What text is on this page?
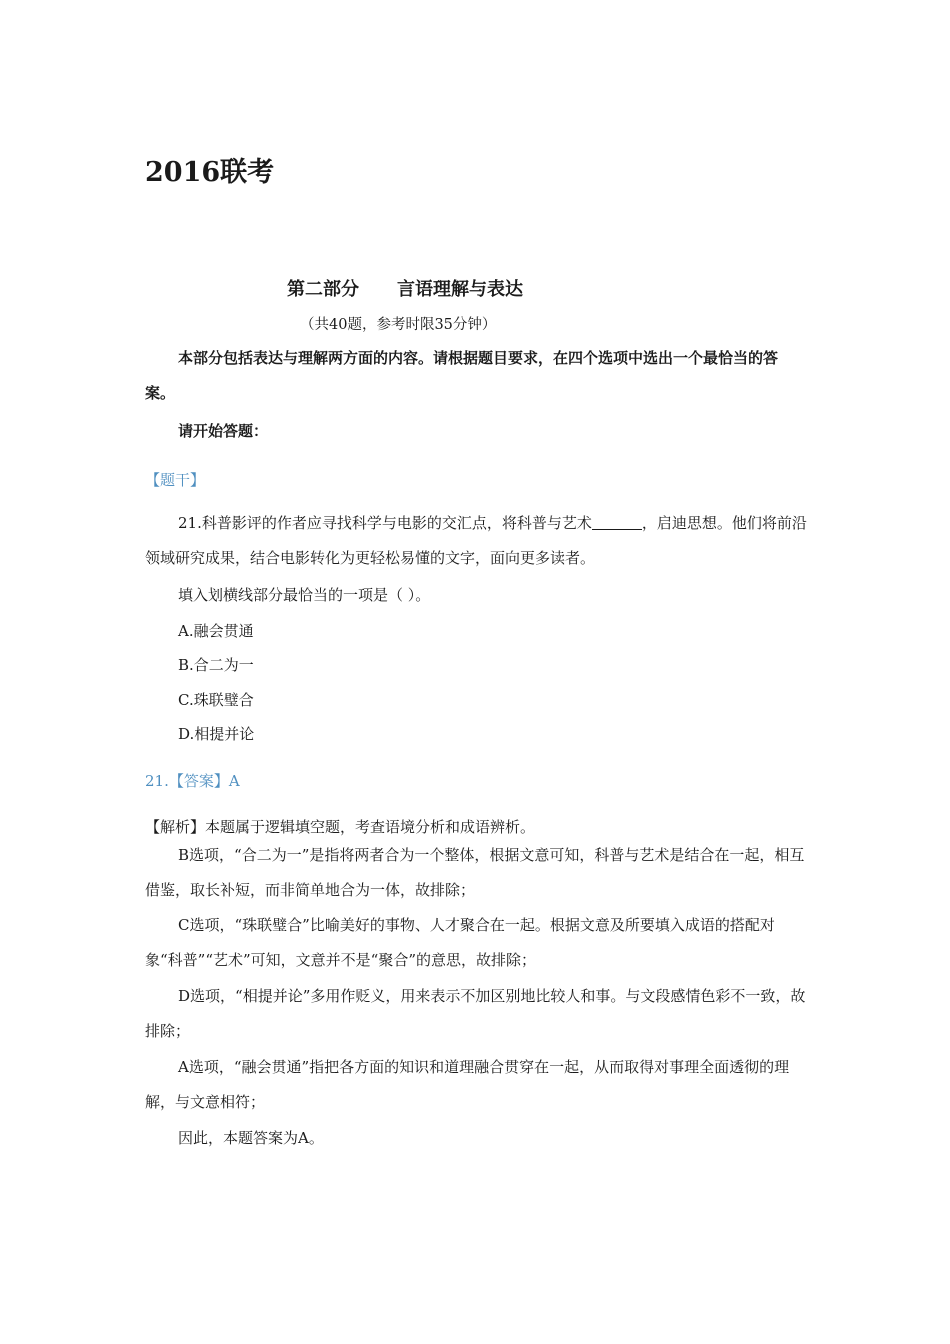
2016联考
第二部分 言语理解与表达
（共40题，参考时限35分钟）
本部分包括表达与理解两方面的内容。请根据题目要求，在四个选项中选出一个最恰当的答案。
请开始答题：
【题干】
21.科普影评的作者应寻找科学与电影的交汇点，将科普与艺术	，启迪思想。他们将前沿领域研究成果，结合电影转化为更轻松易懂的文字，面向更多读者。
填入划横线部分最恰当的一项是（ ）。
A.融会贯通
B.合二为一
C.珠联璧合
D.相提并论
21.【答案】A
【解析】本题属于逻辑填空题，考查语境分析和成语辨析。
B选项，“合二为一”是指将两者合为一个整体，根据文意可知，科普与艺术是结合在一起，相互借鉴，取长补短，而非简单地合为一体，故排除；
C选项，“珠联璧合”比喻美好的事物、人才聚合在一起。根据文意及所要填入成语的搭配对象“科普”“艺术”可知，文意并不是“聚合”的意思，故排除；
D选项，“相提并论”多用作贬义，用来表示不加区别地比较人和事。与文段感情色彩不一致，故排除；
A选项，“融会贯通”指把各方面的知识和道理融合贯穿在一起，从而取得对事理全面透彻的理解，与文意相符；
因此，本题答案为A。
